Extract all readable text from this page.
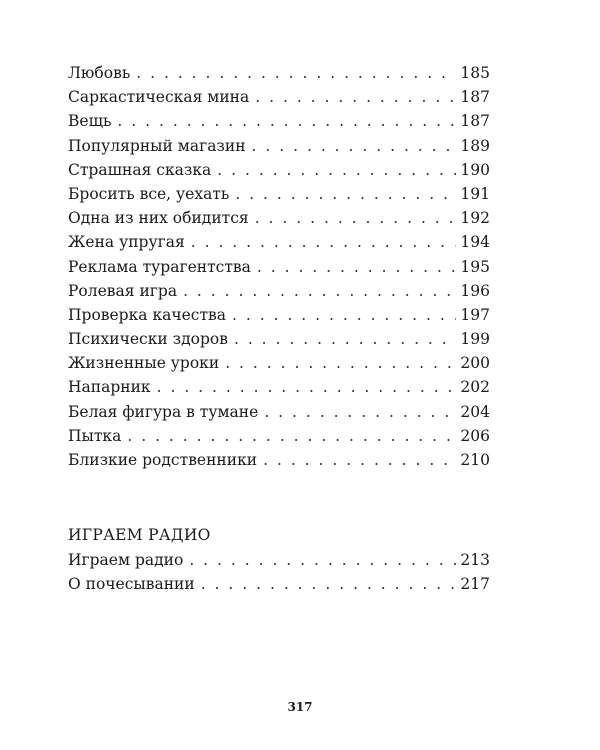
Любовь . . .	185
Саркастическая мина . . .	187
Вещь . . .	187
Популярный магазин . . .	189
Страшная сказка . . .	190
Бросить все, уехать . . .	191
Одна из них обидится . . .	192
Жена упругая . . .	194
Реклама турагентства . . .	195
Ролевая игра . . .	196
Проверка качества . . .	197
Психически здоров . . .	199
Жизненные уроки . . .	200
Напарник . . .	202
Белая фигура в тумане . . .	204
Пытка . . .	206
Близкие родственники . . .	210
ИГРАЕМ РАДИО
Играем радио . . .	213
О почесывании . . .	217
317
